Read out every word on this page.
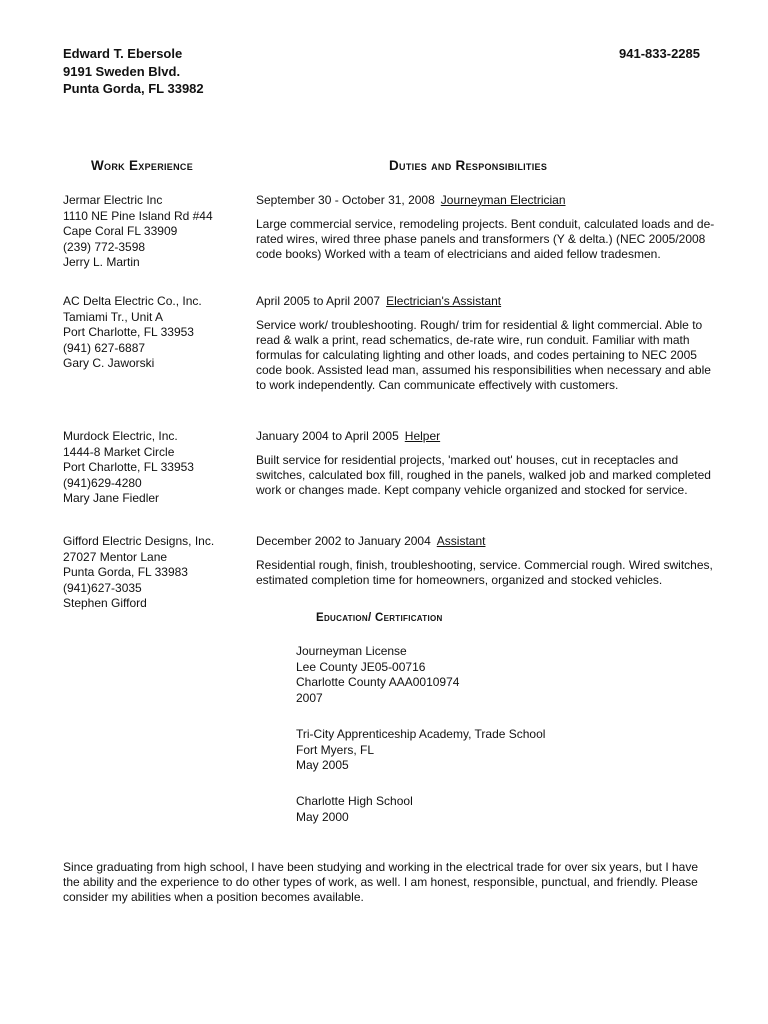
Edward T. Ebersole
9191 Sweden Blvd.
Punta Gorda, FL 33982
941-833-2285
Work Experience	Duties and Responsibilities
Jermar Electric Inc
1110 NE Pine Island Rd #44
Cape Coral FL 33909
(239) 772-3598
Jerry L. Martin
September 30 - October 31, 2008 Journeyman Electrician
Large commercial service, remodeling projects. Bent conduit, calculated loads and de-rated wires, wired three phase panels and transformers (Y & delta.) (NEC 2005/2008 code books) Worked with a team of electricians and aided fellow tradesmen.
AC Delta Electric Co., Inc.
Tamiami Tr., Unit A
Port Charlotte, FL 33953
(941) 627-6887
Gary C. Jaworski
April 2005 to April 2007 Electrician's Assistant
Service work/ troubleshooting. Rough/ trim for residential & light commercial. Able to read & walk a print, read schematics, de-rate wire, run conduit. Familiar with math formulas for calculating lighting and other loads, and codes pertaining to NEC 2005 code book. Assisted lead man, assumed his responsibilities when necessary and able to work independently. Can communicate effectively with customers.
Murdock Electric, Inc.
1444-8 Market Circle
Port Charlotte, FL 33953
(941)629-4280
Mary Jane Fiedler
January 2004 to April 2005 Helper
Built service for residential projects, 'marked out' houses, cut in receptacles and switches, calculated box fill, roughed in the panels, walked job and marked completed work or changes made. Kept company vehicle organized and stocked for service.
Gifford Electric Designs, Inc.
27027 Mentor Lane
Punta Gorda, FL 33983
(941)627-3035
Stephen Gifford
December 2002 to January 2004 Assistant
Residential rough, finish, troubleshooting, service. Commercial rough. Wired switches, estimated completion time for homeowners, organized and stocked vehicles.
Education/ Certification
Journeyman License
Lee County JE05-00716
Charlotte County AAA0010974
2007
Tri-City Apprenticeship Academy, Trade School
Fort Myers, FL
May 2005
Charlotte High School
May 2000
Since graduating from high school, I have been studying and working in the electrical trade for over six years, but I have the ability and the experience to do other types of work, as well. I am honest, responsible, punctual, and friendly. Please consider my abilities when a position becomes available.
